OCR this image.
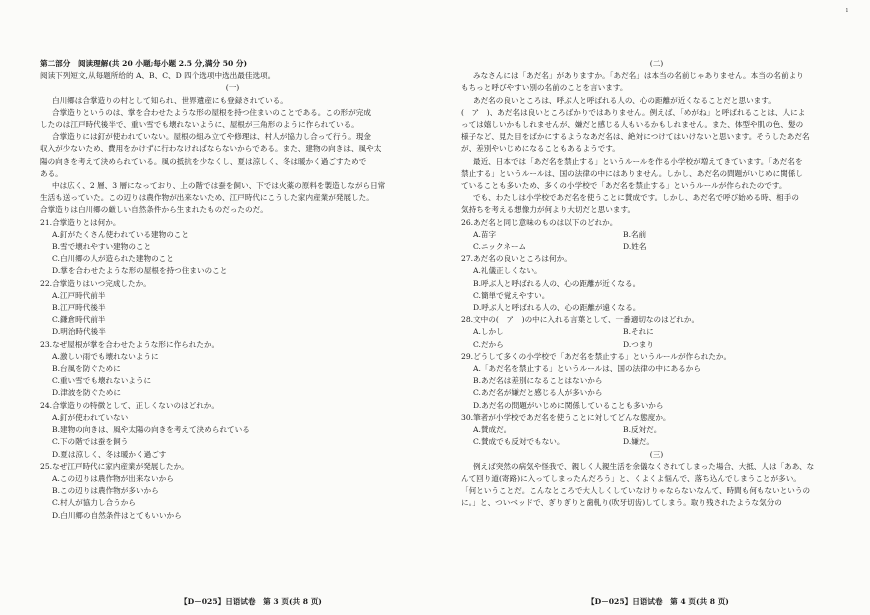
ı
第二部分　阅读理解(共 20 小题;每小题 2.5 分,满分 50 分)
阅读下列短文,从每题所给的 A、B、C、D 四个选项中选出最佳选项。
(一)
白川郷は合掌造りの村として知られ、世界遺産にも登録されている。
合掌造りというのは、掌を合わせたような形の屋根を持つ住まいのことである。この形が完成
したのは江戸時代後半で、重い雪でも壊れないように、屋根が三角形のように作られている。
合掌造りには釘が使われていない。屋根の組み立てや修理は、村人が協力し合って行う。現金
収入が少ないため、費用をかけずに行わなければならないからである。また、建物の向きは、風や太
陽の向きを考えて決められている。風の抵抗を少なくし、夏は涼しく、冬は暖かく過ごすためで
ある。
中は広く、2 層、3 層になっており、上の階では蚕を飼い、下では火薬の原料を製造しながら日常
生活も送っていた。この辺りは農作物が出来ないため、江戸時代にこうした家内産業が発展した。
合掌造りは白川郷の厳しい自然条件から生まれたものだったのだ。
21.合掌造りとは何か。
A.釘がたくさん使われている建物のこと
B.雪で壊れやすい建物のこと
C.白川郷の人が造られた建物のこと
D.掌を合わせたような形の屋根を持つ住まいのこと
22.合掌造りはいつ完成したか。
A.江戸時代前半
B.江戸時代後半
C.鎌倉時代前半
D.明治時代後半
23.なぜ屋根が掌を合わせたような形に作られたか。
A.激しい雨でも壊れないように
B.台風を防ぐために
C.重い雪でも壊れないように
D.津波を防ぐために
24.合掌造りの特徴として、正しくないのはどれか。
A.釘が使われていない
B.建物の向きは、風や太陽の向きを考えて決められている
C.下の階では蚕を飼う
D.夏は涼しく、冬は暖かく過ごす
25.なぜ江戸時代に家内産業が発展したか。
A.この辺りは農作物が出来ないから
B.この辺りは農作物が多いから
C.村人が協力し合うから
D.白川郷の自然条件はとてもいいから
【D－025】日语试卷　第 3 页(共 8 页)
(二)
みなさんには「あだ名」がありますか。「あだ名」は本当の名前じゃありません。本当の名前より
もちっと呼びやすい別の名前のことを言います。
あだ名の良いところは、呼ぶ人と呼ばれる人の、心の距離が近くなることだと思います。
(　ア　)、あだ名は良いところばかりではありません。例えば、「めがね」と呼ばれることは、人によ
っては嬉しいかもしれませんが、嫌だと感じる人もいるかもしれません。また、体型や肌の色、髪の
様子など、見た目をばかにするようなあだ名は、絶対につけてはいけないと思います。そうしたあだ名
が、差別やいじめになることもあるようです。
最近、日本では「あだ名を禁止する」というルールを作る小学校が増えてきています。「あだ名を
禁止する」というルールは、国の法律の中にはありません。しかし、あだ名の問題がいじめに関係し
ていることも多いため、多くの小学校で「あだ名を禁止する」というルールが作られたのです。
でも、わたしは小学校であだ名を使うことに賛成です。しかし、あだ名で呼び始める時、相手の
気持ちを考える想像力が何より大切だと思います。
26.あだ名と同じ意味のものは以下のどれか。
A.苗字	B.名前
C.ニックネーム	D.姓名
27.あだ名の良いところは何か。
A.礼儀正しくない。
B.呼ぶ人と呼ばれる人の、心の距離が近くなる。
C.簡単で覚えやすい。
D.呼ぶ人と呼ばれる人の、心の距離が遠くなる。
28.文中の(　ア　)の中に入れる言葉として、一番適切なのはどれか。
A.しかし	B.それに
C.だから	D.つまり
29.どうして多くの小学校で「あだ名を禁止する」というルールが作られたか。
A.「あだ名を禁止する」というルールは、国の法律の中にあるから
B.あだ名は差別になることはないから
C.あだ名が嫌だと感じる人が多いから
D.あだ名の問題がいじめに関係していることも多いから
30.筆者が小学校であだ名を使うことに対してどんな態度か。
A.賛成だ。	B.反対だ。
C.賛成でも反対でもない。	D.嫌だ。
(三)
例えば突然の病気や怪我で、親しく人親生活を余儀なくされてしまった場合、大抵、人は「ああ、な
んて回り道(寄路)に入ってしまったんだろう」と、くよくよ悩んで、落ち込んでしまうことが多い。
「何ということだ。こんなところで大人しくしていなけりゃならないなんて、時間も何もないというの
に。」と、ついベッドで、ぎりぎりと歯軋り(吹牙切齿)してしまう。取り残されたような気分の
【D－025】日语试卷　第 4 页(共 8 页)
